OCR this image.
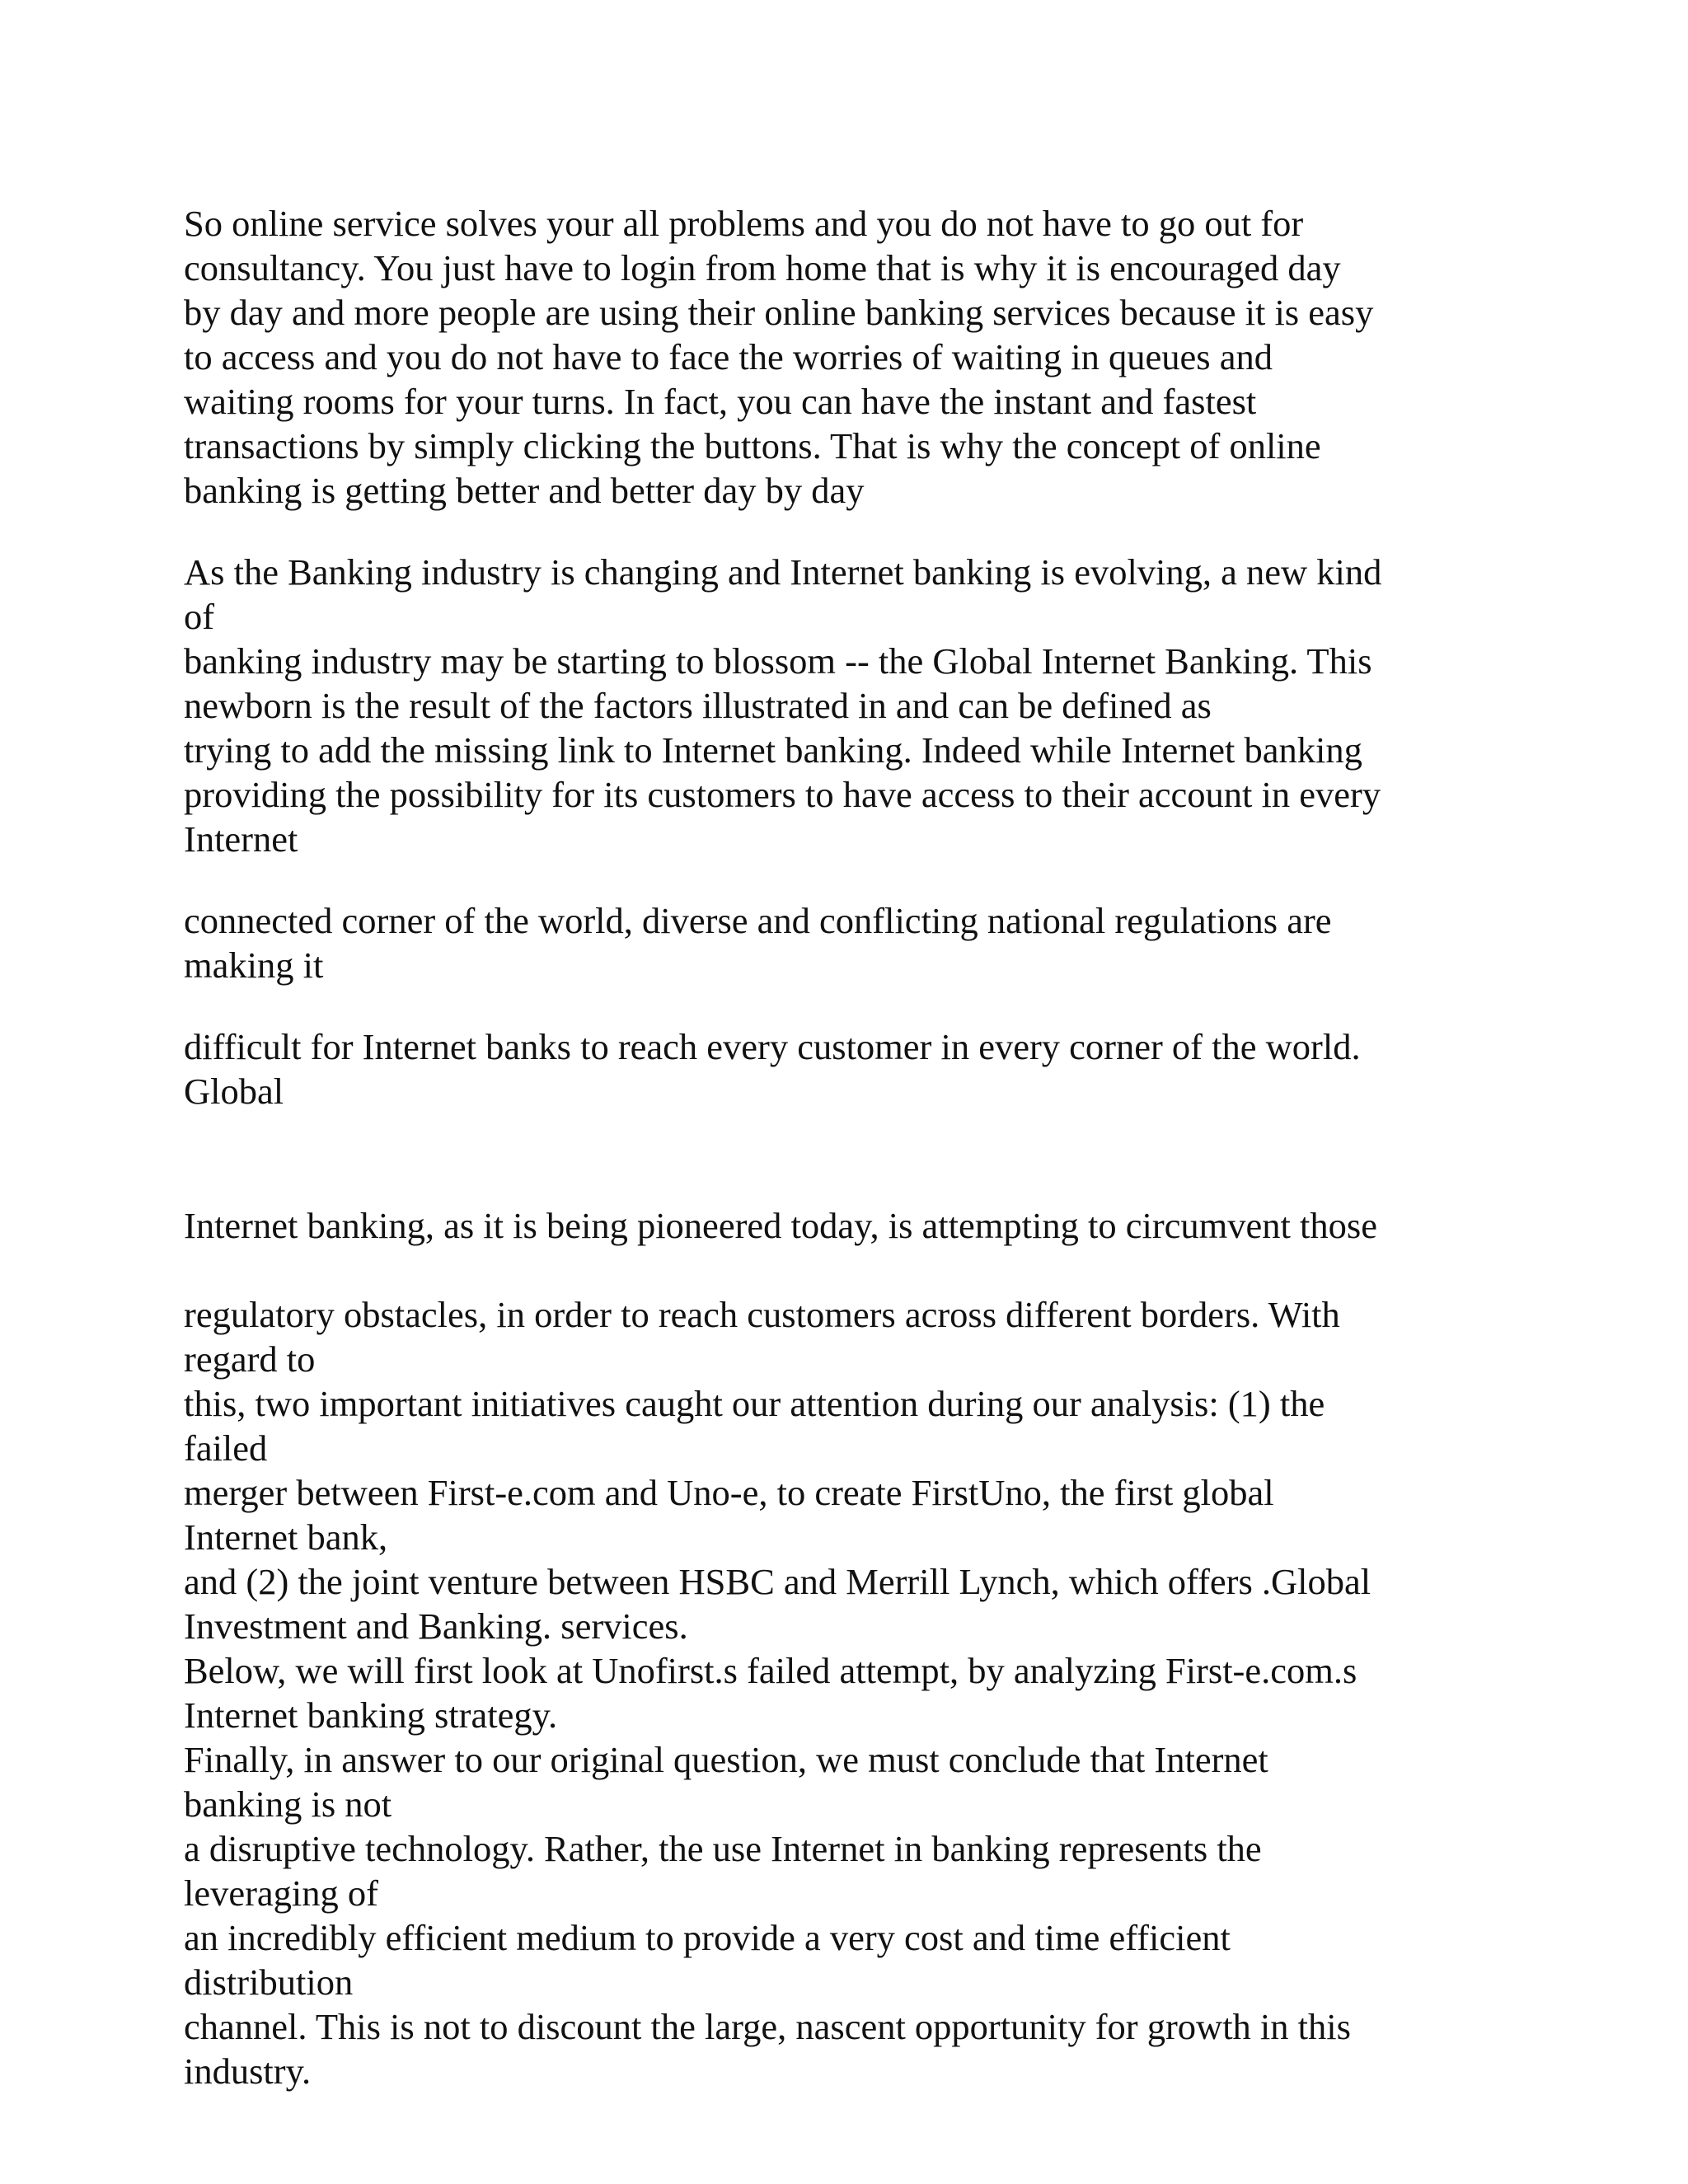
So online service solves your all problems and you do not have to go out for

consultancy. You just have to login from home that is why it is encouraged day

by day and more people are using their online banking services because it is easy

to access and you do not have to face the worries of waiting in queues and

waiting rooms for your turns. In fact, you can have the instant and fastest

transactions by simply clicking the buttons. That is why the concept of online

banking is getting better and better day by day

As the Banking industry is changing and Internet banking is evolving, a new kind

of

banking industry may be starting to blossom -- the Global Internet Banking. This

newborn is the result of the factors illustrated in and can be defined as

trying to add the missing link to Internet banking. Indeed while Internet banking

providing the possibility for its customers to have access to their account in every

Internet

connected corner of the world, diverse and conflicting national regulations are

making it

difficult for Internet banks to reach every customer in every corner of the world.

Global

Internet banking, as it is being pioneered today, is attempting to circumvent those

regulatory obstacles, in order to reach customers across different borders. With

regard to

this, two important initiatives caught our attention during our analysis: (1) the

failed

merger between First-e.com and Uno-e, to create FirstUno, the first global

Internet bank,

and (2) the joint venture between HSBC and Merrill Lynch, which offers .Global

Investment and Banking. services.

Below, we will first look at Unofirst.s failed attempt, by analyzing First-e.com.s

Internet banking strategy.

Finally, in answer to our original question, we must conclude that Internet

banking is not

a disruptive technology. Rather, the use Internet in banking represents the

leveraging of

an incredibly efficient medium to provide a very cost and time efficient

distribution

channel. This is not to discount the large, nascent opportunity for growth in this

industry.
